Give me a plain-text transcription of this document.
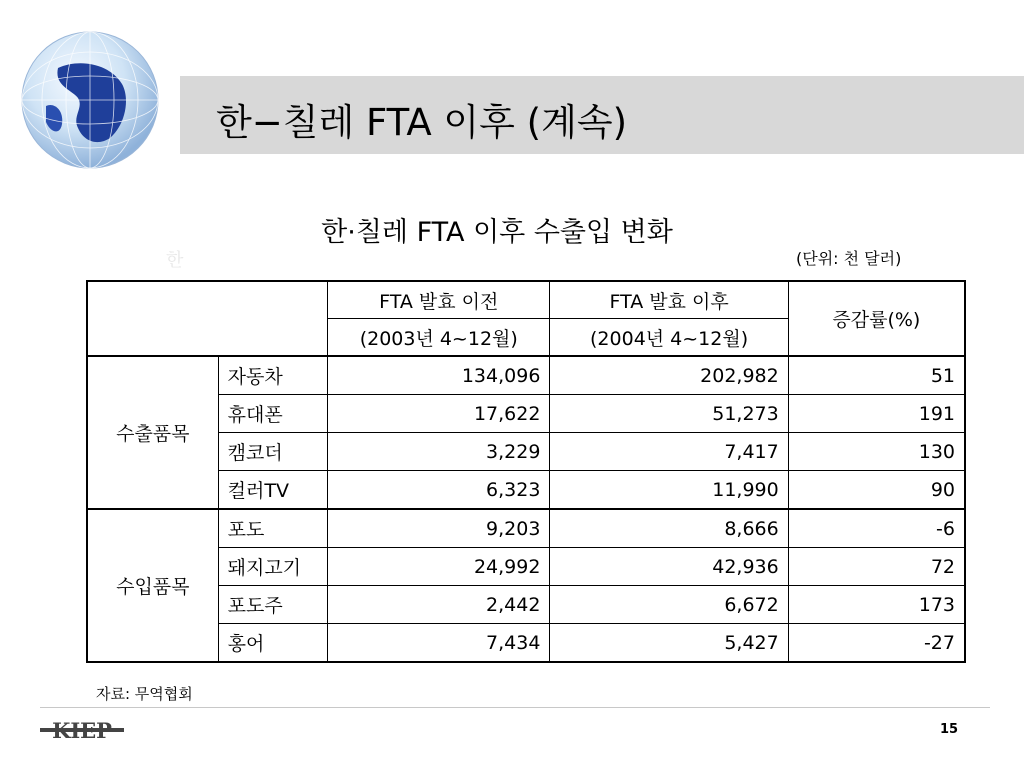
한−칠레 FTA 이후 (계속)
한·칠레 FTA 이후 수출입 변화
한	(단위: 천 달러)
		FTA 발효 이전	FTA 발효 이후	증감률(%)
		(2003년 4~12월)	(2004년 4~12월)	
수출품목	자동차	134,096	202,982	51
	휴대폰	17,622	51,273	191
	캠코더	3,229	7,417	130
	컬러TV	6,323	11,990	90
수입품목	포도	9,203	8,666	-6
	돼지고기	24,992	42,936	72
	포도주	2,442	6,672	173
	홍어	7,434	5,427	-27
자료: 무역협회
KIEP	15
